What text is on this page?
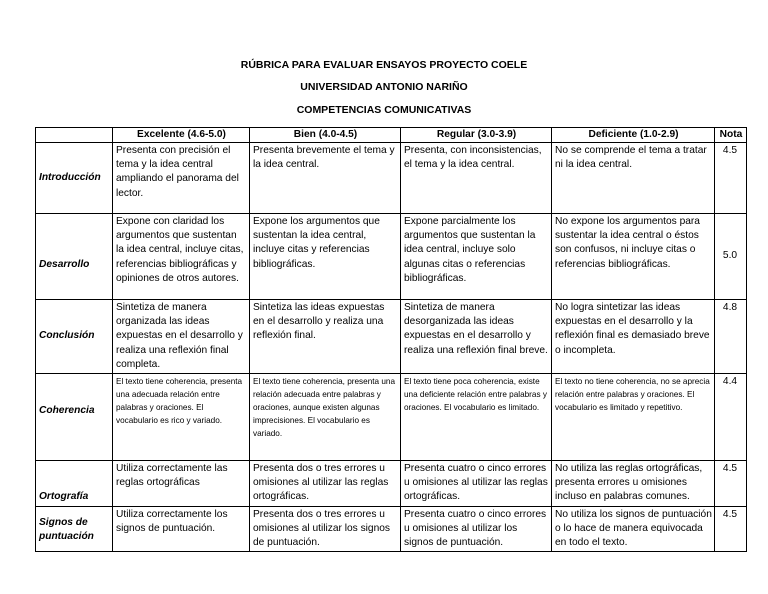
RÚBRICA PARA EVALUAR ENSAYOS PROYECTO COELE
UNIVERSIDAD ANTONIO NARIÑO
COMPETENCIAS COMUNICATIVAS
	Excelente (4.6-5.0)	Bien (4.0-4.5)	Regular (3.0-3.9)	Deficiente (1.0-2.9)	Nota
Introducción	Presenta con precisión el tema y la idea central ampliando el panorama del lector.	Presenta brevemente el tema y la idea central.	Presenta, con inconsistencias, el tema y la idea central.	No se comprende el tema a tratar ni la idea central.	4.5
Desarrollo	Expone con claridad los argumentos que sustentan la idea central, incluye citas, referencias bibliográficas y opiniones de otros autores.	Expone los argumentos que sustentan la idea central, incluye citas y referencias bibliográficas.	Expone parcialmente los argumentos que sustentan la idea central, incluye solo algunas citas o referencias bibliográficas.	No expone los argumentos para sustentar la idea central o éstos son confusos, ni incluye citas o referencias bibliográficas.	5.0
Conclusión	Sintetiza de manera organizada las ideas expuestas en el desarrollo y realiza una reflexión final completa.	Sintetiza las ideas expuestas en el desarrollo y realiza una reflexión final.	Sintetiza de manera desorganizada las ideas expuestas en el desarrollo y realiza una reflexión final breve.	No logra sintetizar las ideas expuestas en el desarrollo y la reflexión final es demasiado breve o incompleta.	4.8
Coherencia	El texto tiene coherencia, presenta una adecuada relación entre palabras y oraciones. El vocabulario es rico y variado.	El texto tiene coherencia, presenta una relación adecuada entre palabras y oraciones, aunque existen algunas imprecisiones. El vocabulario es variado.	El texto tiene poca coherencia, existe una deficiente relación entre palabras y oraciones. El vocabulario es limitado.	El texto no tiene coherencia, no se aprecia relación entre palabras y oraciones. El vocabulario es limitado y repetitivo.	4.4
Ortografía	Utiliza correctamente las reglas ortográficas	Presenta dos o tres errores u omisiones al utilizar las reglas ortográficas.	Presenta cuatro o cinco errores u omisiones al utilizar las reglas ortográficas.	No utiliza las reglas ortográficas, presenta errores u omisiones incluso en palabras comunes.	4.5
Signos de puntuación	Utiliza correctamente los signos de puntuación.	Presenta dos o tres errores u omisiones al utilizar los signos de puntuación.	Presenta cuatro o cinco errores u omisiones al utilizar los signos de puntuación.	No utiliza los signos de puntuación o lo hace de manera equivocada en todo el texto.	4.5
